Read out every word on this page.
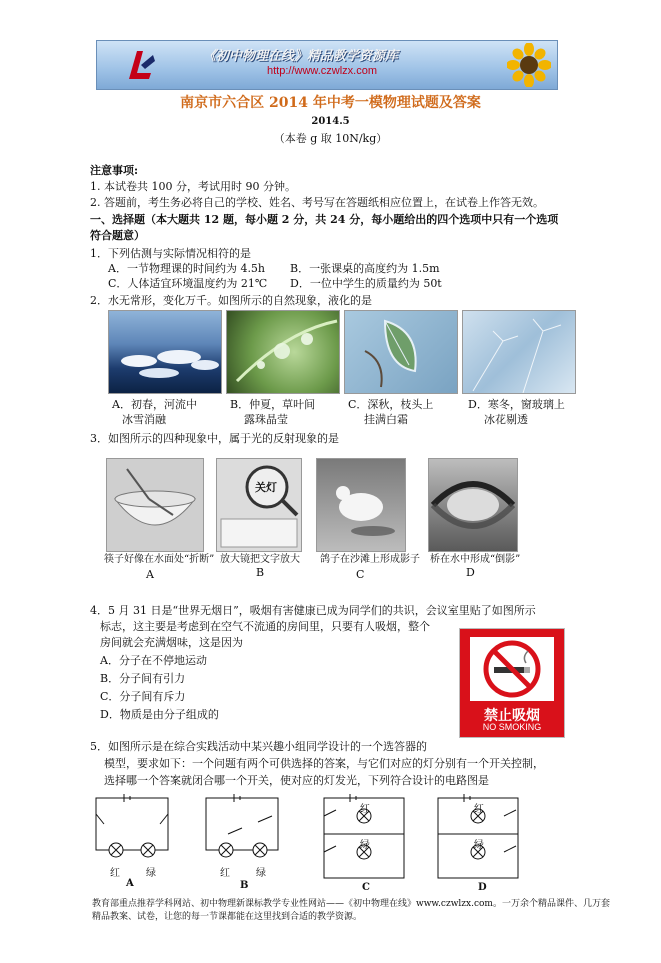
《初中物理在线》精品教学资源库
http://www.czwlzx.com
南京市六合区 2014 年中考一模物理试题及答案
2014.5
（本卷 g 取 10N/kg）
注意事项:
1. 本试卷共 100 分，考试用时 90 分钟。
2. 答题前，考生务必将自己的学校、姓名、考号写在答题纸相应位置上，在试卷上作答无效。
一、选择题（本大题共 12 题，每小题 2 分，共 24 分，每小题给出的四个选项中只有一个选项
符合题意）
1．下列估测与实际情况相符的是
A．一节物理课的时间约为 4.5h B．一张课桌的高度约为 1.5m
C．人体适宜环境温度约为 21℃ D．一位中学生的质量约为 50t
2．水无常形，变化万千。如图所示的自然现象，液化的是
A．初春，河流中
冰雪消融
B．仲夏，草叶间
露珠晶莹
C．深秋，枝头上
挂满白霜
D．寒冬，窗玻璃上
冰花剔透
3．如图所示的四种现象中，属于光的反射现象的是
关灯
筷子好像在水面处“折断” 放大镜把文字放大 鸽子在沙滩上形成影子 桥在水中形成“倒影”
A	B	C	D
4．5 月 31 日是“世界无烟日”，吸烟有害健康已成为同学们的共识，会议室里贴了如图所示
标志，这主要是考虑到在空气不流通的房间里，只要有人吸烟，整个
房间就会充满烟味，这是因为
A．分子在不停地运动
B．分子间有引力
C．分子间有斥力
D．物质是由分子组成的	禁止吸烟
NO SMOKING
5．如图所示是在综合实践活动中某兴趣小组同学设计的一个选答器的
模型，要求如下：一个问题有两个可供选择的答案，与它们对应的灯分别有一个开关控制，
选择哪一个答案就闭合哪一个开关，使对应的灯发光，下列符合设计的电路图是
红	绿	红	绿
红
绿
红
绿
A	B	C	D
教育部重点推荐学科网站、初中物理新课标教学专业性网站——《初中物理在线》www.czwlzx.com。一万余个精品课件、几万套精品教案、试卷，让您的每一节课都能在这里找到合适的教学资源。
